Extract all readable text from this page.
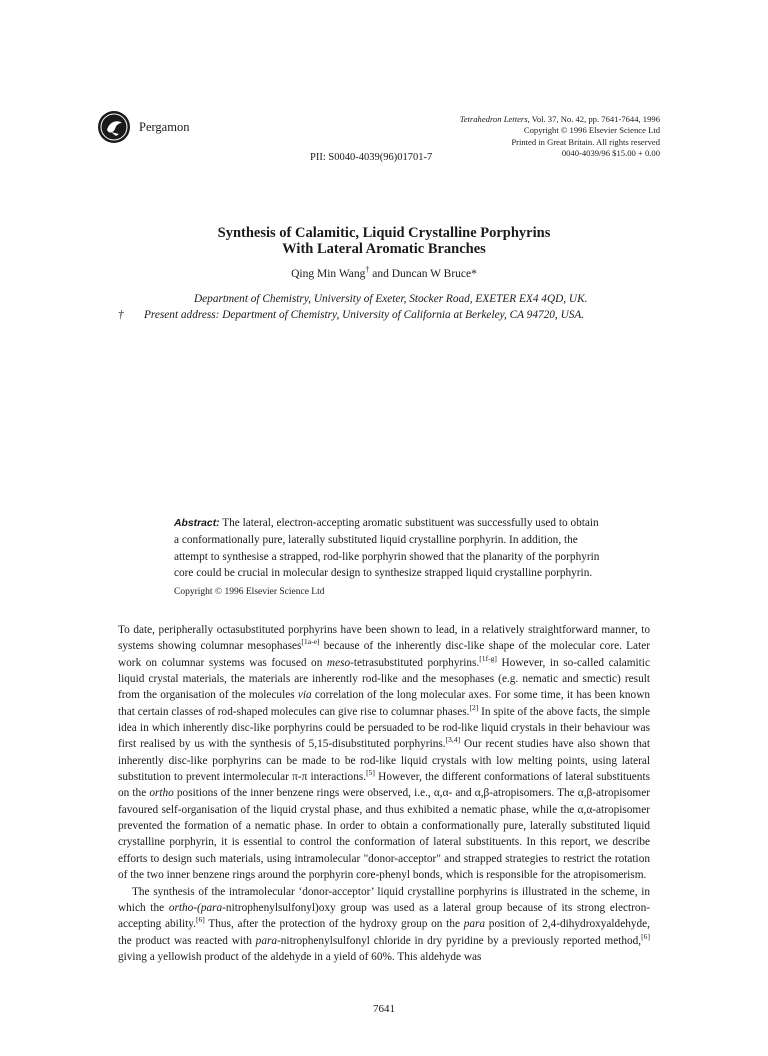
Pergamon
Tetrahedron Letters, Vol. 37, No. 42, pp. 7641-7644, 1996
Copyright © 1996 Elsevier Science Ltd
Printed in Great Britain. All rights reserved
0040-4039/96 $15.00 + 0.00
PII: S0040-4039(96)01701-7
Synthesis of Calamitic, Liquid Crystalline Porphyrins
With Lateral Aromatic Branches
Qing Min Wang† and Duncan W Bruce*
Department of Chemistry, University of Exeter, Stocker Road, EXETER EX4 4QD, UK.
† Present address: Department of Chemistry, University of California at Berkeley, CA 94720, USA.
Abstract: The lateral, electron-accepting aromatic substituent was successfully used to obtain a conformationally pure, laterally substituted liquid crystalline porphyrin. In addition, the attempt to synthesise a strapped, rod-like porphyrin showed that the planarity of the porphyrin core could be crucial in molecular design to synthesize strapped liquid crystalline porphyrin. Copyright © 1996 Elsevier Science Ltd

To date, peripherally octasubstituted porphyrins have been shown to lead, in a relatively straightforward manner, to systems showing columnar mesophases[1a-e] because of the inherently disc-like shape of the molecular core. Later work on columnar systems was focused on meso-tetrasubstituted porphyrins.[1f-g] However, in so-called calamitic liquid crystal materials, the materials are inherently rod-like and the mesophases (e.g. nematic and smectic) result from the organisation of the molecules via correlation of the long molecular axes. For some time, it has been known that certain classes of rod-shaped molecules can give rise to columnar phases.[2] In spite of the above facts, the simple idea in which inherently disc-like porphyrins could be persuaded to be rod-like liquid crystals in their behaviour was first realised by us with the synthesis of 5,15-disubstituted porphyrins.[3,4] Our recent studies have also shown that inherently disc-like porphyrins can be made to be rod-like liquid crystals with low melting points, using lateral substitution to prevent intermolecular π-π interactions.[5] However, the different conformations of lateral substituents on the ortho positions of the inner benzene rings were observed, i.e., α,α- and α,β-atropisomers. The α,β-atropisomer favoured self-organisation of the liquid crystal phase, and thus exhibited a nematic phase, while the α,α-atropisomer prevented the formation of a nematic phase. In order to obtain a conformationally pure, laterally substituted liquid crystalline porphyrin, it is essential to control the conformation of lateral substituents. In this report, we describe efforts to design such materials, using intramolecular "donor-acceptor" and strapped strategies to restrict the rotation of the two inner benzene rings around the porphyrin core-phenyl bonds, which is responsible for the atropisomerism.

The synthesis of the intramolecular ‘donor-acceptor’ liquid crystalline porphyrins is illustrated in the scheme, in which the ortho-(para-nitrophenylsulfonyl)oxy group was used as a lateral group because of its strong electron-accepting ability.[6] Thus, after the protection of the hydroxy group on the para position of 2,4-dihydroxyaldehyde, the product was reacted with para-nitrophenylsulfonyl chloride in dry pyridine by a previously reported method,[6] giving a yellowish product of the aldehyde in a yield of 60%. This aldehyde was

7641
